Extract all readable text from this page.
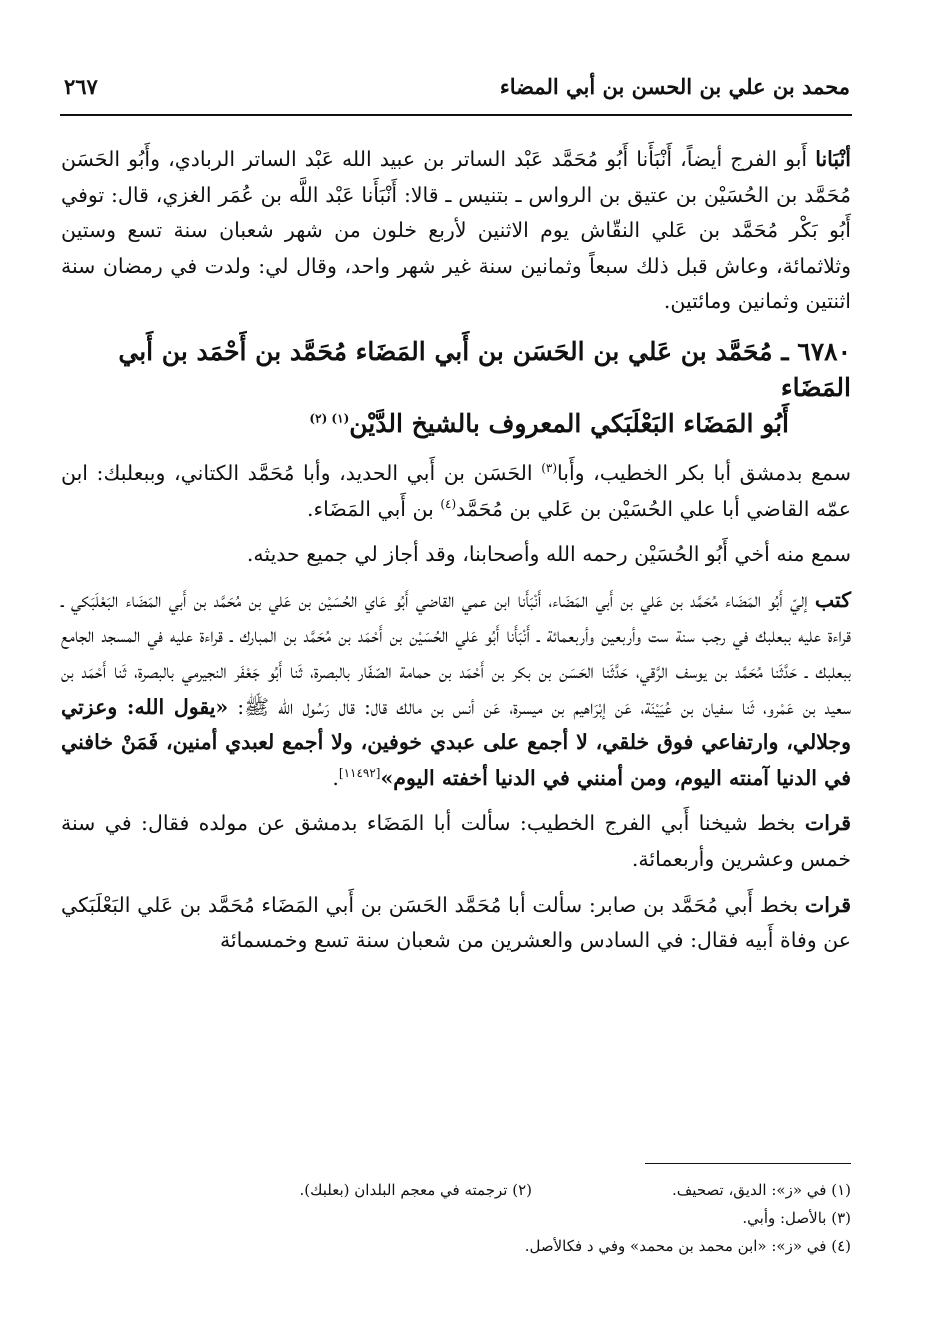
محمد بن علي بن الحسن بن أبي المضاء
٢٦٧

أنْبَانا أَبو الفرج أيضاً، أَنْبَأَنا أَبُو مُحَمَّد عَبْد الساتر بن عبيد الله عَبْد الساتر الربادي، وأَبُو الحَسَن مُحَمَّد بن الحُسَيْن بن عتيق بن الرواس ـ بتنيس ـ قالا: أَنْبَأَنا عَبْد اللَّه بن عُمَر الغزي، قال: توفي أَبُو بَكْر مُحَمَّد بن عَلي النقّاش يوم الاثنين لأربع خلون من شهر شعبان سنة تسع وستين وثلاثمائة، وعاش قبل ذلك سبعاً وثمانين سنة غير شهر واحد، وقال لي: ولدت في رمضان سنة اثنتين وثمانين ومائتين.

٦٧٨٠ ـ مُحَمَّد بن عَلي بن الحَسَن بن أَبي المَضَاء مُحَمَّد بن أَحْمَد بن أَبي المَضَاء
أَبُو المَضَاء البَعْلَبَكي المعروف بالشيخ الدَّيْن$^{(١) (٢)}$

سمع بدمشق أبا بكر الخطيب، وأَبا$^{(٣)}$ الحَسَن بن أَبي الحديد، وأبا مُحَمَّد الكتاني، وببعلبك: ابن عمّه القاضي أبا علي الحُسَيْن بن عَلي بن مُحَمَّد$^{(٤)}$ بن أَبي المَضَاء.

سمع منه أخي أَبُو الحُسَيْن رحمه الله وأصحابنا، وقد أجاز لي جميع حديثه.

كتب إليّ أَبُو المَضَاء مُحَمَّد بن عَلي بن أَبي المَضَاء، أَنْبَأَنا ابن عمي القاضي أَبُو عَاي الحُسَيْن بن عَلي بن مُحَمَّد بن أَبي المَضَاء البَعْلَبَكي ـ قراءة عليه ببعلبك في رجب سنة ست وأربعين وأربعمائة ـ أَنْبَأَنا أَبُو عَلي الحُسَيْن بن أَحْمَد بن مُحَمَّد بن المبارك ـ قراءة عليه في المسجد الجامع ببعلبك ـ حَدَّثَنا مُحَمَّد بن يوسف الرَّقي، حَدَّثَنا الحَسَن بن بكر بن أَحْمَد بن حمامة الصّفّار بالبصرة، ثَنا أَبُو جَعْفَر النجيرمي بالبصرة، ثَنا أَحْمَد بن سعيد بن عَمْرو، ثَنا سفيان بن عُيَيْنَة، عَن إبْرَاهيم بن ميسرة، عَن أنس بن مالك قال: قال رَسُول الله ﷺ: «يقول الله: وعزتي وجلالي، وارتفاعي فوق خلقي، لا أجمع على عبدي خوفين، ولا أجمع لعبدي أمنين، فَمَنْ خافني في الدنيا آمنته اليوم، ومن أمنني في الدنيا أخفته اليوم»[١١٤٩٢].

قرات بخط شيخنا أَبي الفرج الخطيب: سألت أبا المَضَاء بدمشق عن مولده فقال: في سنة خمس وعشرين وأربعمائة.

قرات بخط أَبي مُحَمَّد بن صابر: سألت أبا مُحَمَّد الحَسَن بن أَبي المَضَاء مُحَمَّد بن عَلي البَعْلَبَكي عن وفاة أَبيه فقال: في السادس والعشرين من شعبان سنة تسع وخمسمائة

(١) في «ز»: الديق، تصحيف.
(٢) ترجمته في معجم البلدان (بعلبك).
(٣) بالأصل: وأبي.
(٤) في «ز»: «ابن محمد بن محمد» وفي د فكالأصل.
